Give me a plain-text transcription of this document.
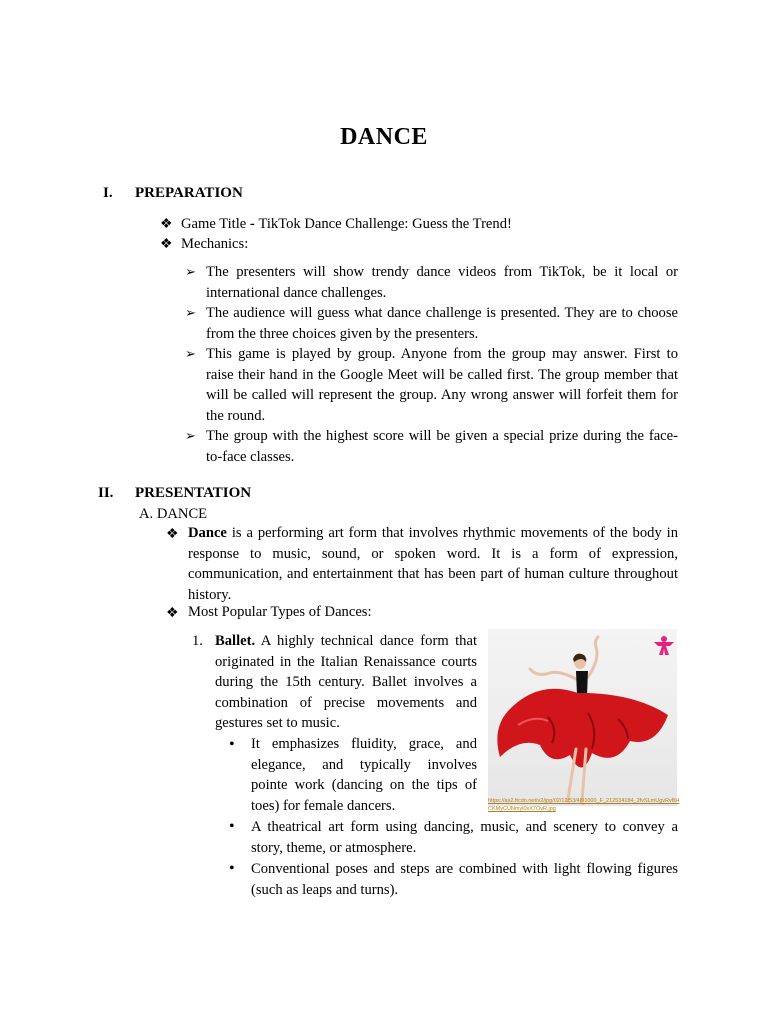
DANCE
I. PREPARATION
❖ Game Title - TikTok Dance Challenge: Guess the Trend!
❖ Mechanics:
➢ The presenters will show trendy dance videos from TikTok, be it local or
international dance challenges.
➢ The audience will guess what dance challenge is presented. They are to choose
from the three choices given by the presenters.
➢ This game is played by group. Anyone from the group may answer. First to
raise their hand in the Google Meet will be called first. The group member that
will be called will represent the group. Any wrong answer will forfeit them for
the round.
➢ The group with the highest score will be given a special prize during the face-
to-face classes.
II. PRESENTATION
A. DANCE
❖ Dance is a performing art form that involves rhythmic movements of the body in
response to music, sound, or spoken word. It is a form of expression,
communication, and entertainment that has been part of human culture throughout
history.
❖ Most Popular Types of Dances:
1. Ballet. A highly technical dance form that
originated in the Italian Renaissance courts
during the 15th century. Ballet involves a
combination of precise movements and
gestures set to music.
• It emphasizes fluidity, grace, and
elegance, and typically involves
pointe work (dancing on the tips of
toes) for female dancers.
• A theatrical art form using dancing, music, and scenery to convey a
story, theme, or atmosphere.
• Conventional poses and steps are combined with light flowing figures
(such as leaps and turns).
https://as2.ftcdn.net/v2/jpg/02/12/53/48/1000_F_212534184_2fvSLmUgvRvBHCKMyCUNmyl0xX7OvR.jpg
